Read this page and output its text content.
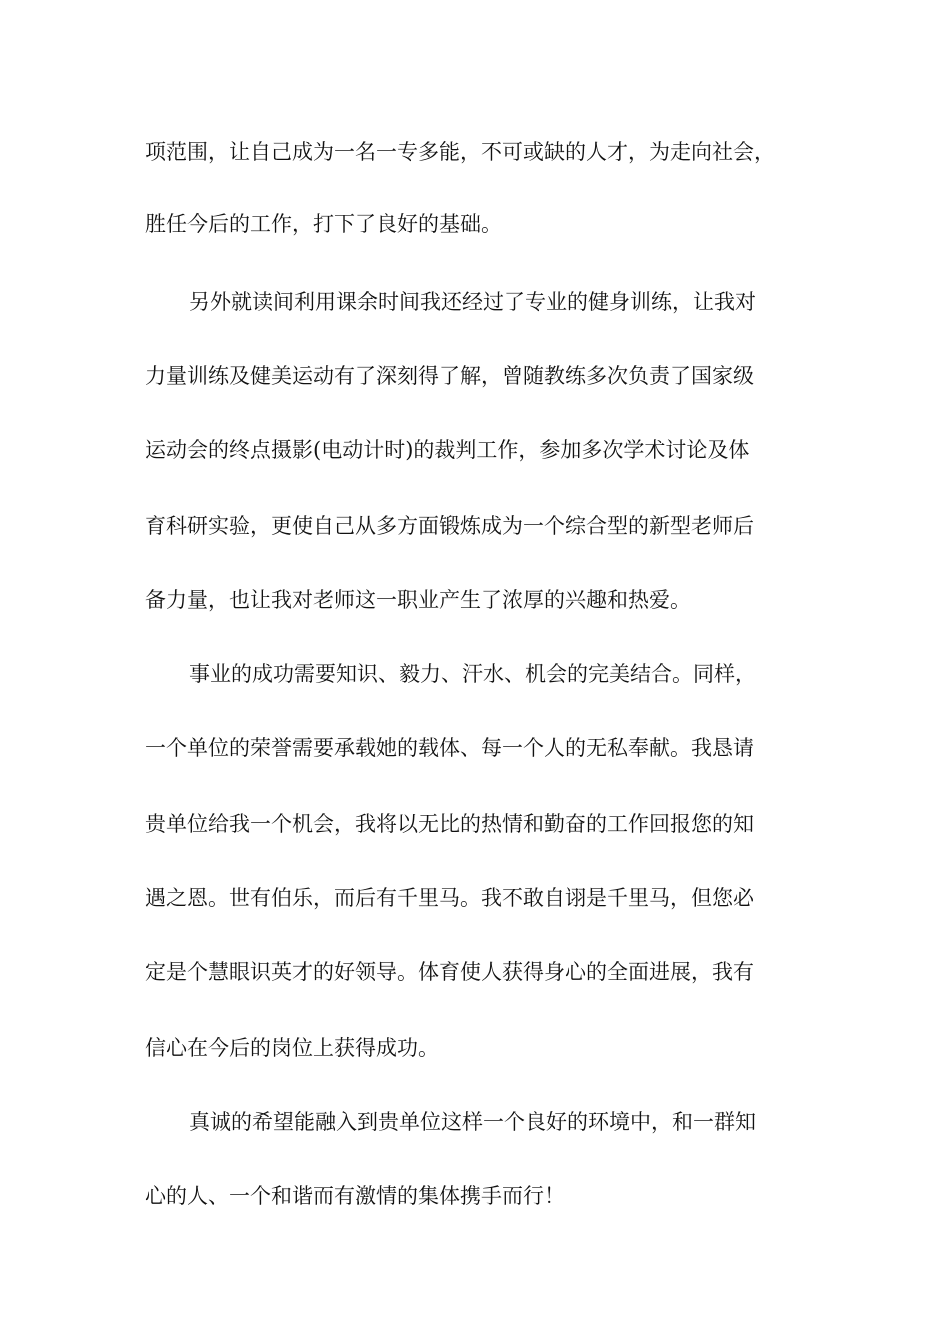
项范围，让自己成为一名一专多能，不可或缺的人才，为走向社会，
胜任今后的工作，打下了良好的基础。
另外就读间利用课余时间我还经过了专业的健身训练，让我对
力量训练及健美运动有了深刻得了解，曾随教练多次负责了国家级
运动会的终点摄影(电动计时)的裁判工作，参加多次学术讨论及体
育科研实验，更使自己从多方面锻炼成为一个综合型的新型老师后
备力量，也让我对老师这一职业产生了浓厚的兴趣和热爱。
事业的成功需要知识、毅力、汗水、机会的完美结合。同样，
一个单位的荣誉需要承载她的载体、每一个人的无私奉献。我恳请
贵单位给我一个机会，我将以无比的热情和勤奋的工作回报您的知
遇之恩。世有伯乐，而后有千里马。我不敢自诩是千里马，但您必
定是个慧眼识英才的好领导。体育使人获得身心的全面进展，我有
信心在今后的岗位上获得成功。
真诚的希望能融入到贵单位这样一个良好的环境中，和一群知
心的人、一个和谐而有激情的集体携手而行！
